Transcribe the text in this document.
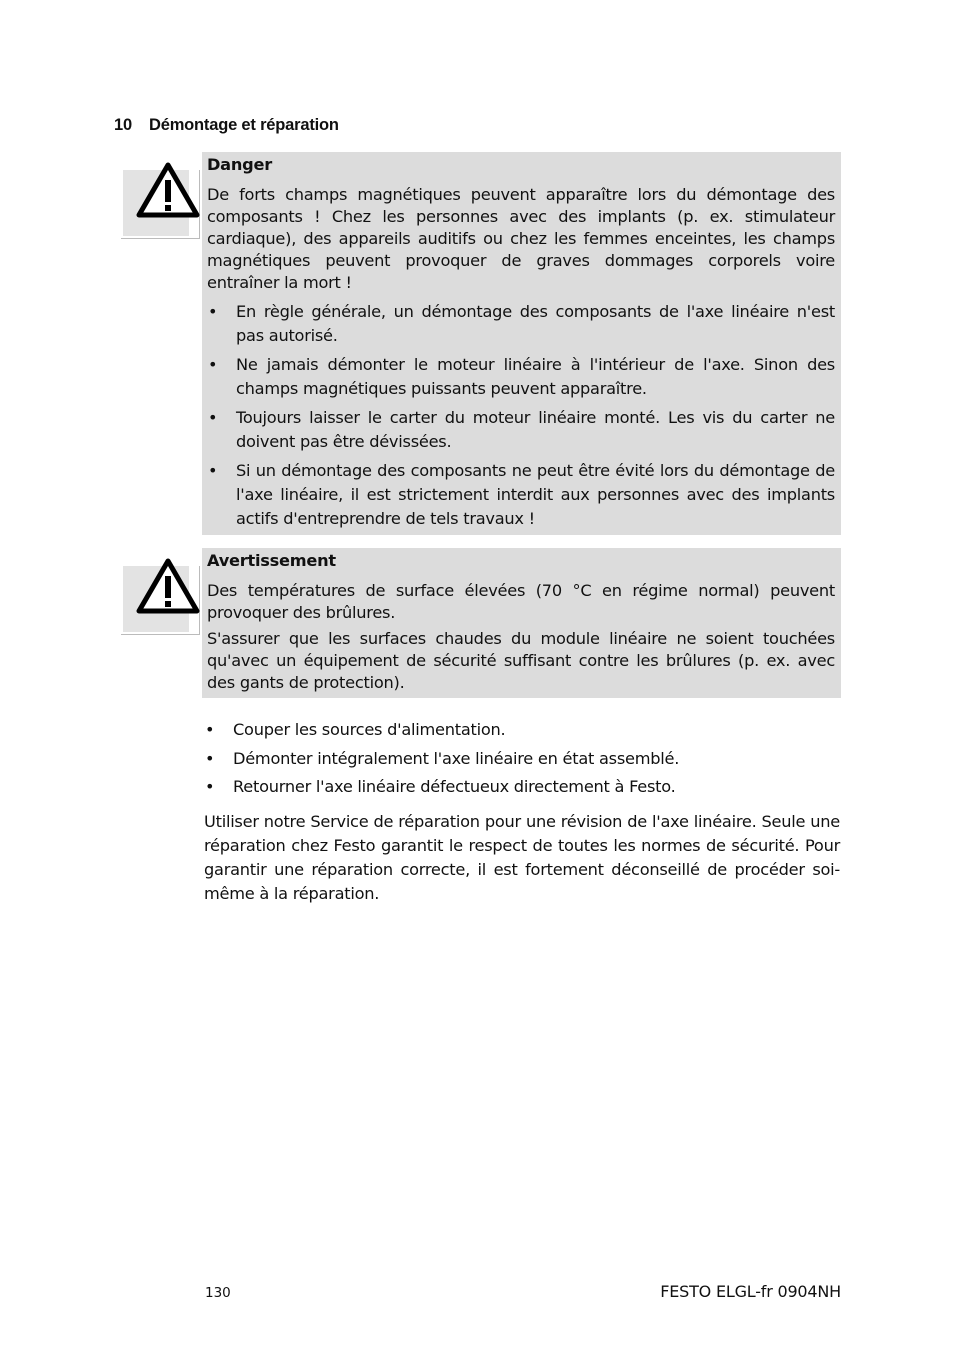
10 Démontage et réparation
Danger

De forts champs magnétiques peuvent apparaître lors du démontage des composants ! Chez les personnes avec des implants (p. ex. stimulateur cardiaque), des appareils auditifs ou chez les femmes enceintes, les champs magnétiques peuvent provoquer de graves dommages corporels voire entraîner la mort !

• En règle générale, un démontage des composants de l'axe linéaire n'est pas autorisé.
• Ne jamais démonter le moteur linéaire à l'intérieur de l'axe. Sinon des champs magnétiques puissants peuvent apparaître.
• Toujours laisser le carter du moteur linéaire monté. Les vis du carter ne doivent pas être dévissées.
• Si un démontage des composants ne peut être évité lors du démontage de l'axe linéaire, il est strictement interdit aux personnes avec des implants actifs d'entreprendre de tels travaux !
Avertissement

Des températures de surface élevées (70 °C en régime normal) peuvent provoquer des brûlures.

S'assurer que les surfaces chaudes du module linéaire ne soient touchées qu'avec un équipement de sécurité suffisant contre les brûlures (p. ex. avec des gants de protection).

• Couper les sources d'alimentation.
• Démonter intégralement l'axe linéaire en état assemblé.
• Retourner l'axe linéaire défectueux directement à Festo.

Utiliser notre Service de réparation pour une révision de l'axe linéaire. Seule une réparation chez Festo garantit le respect de toutes les normes de sécurité. Pour garantir une réparation correcte, il est fortement déconseillé de procéder soi-même à la réparation.

130	FESTO ELGL-fr 0904NH
